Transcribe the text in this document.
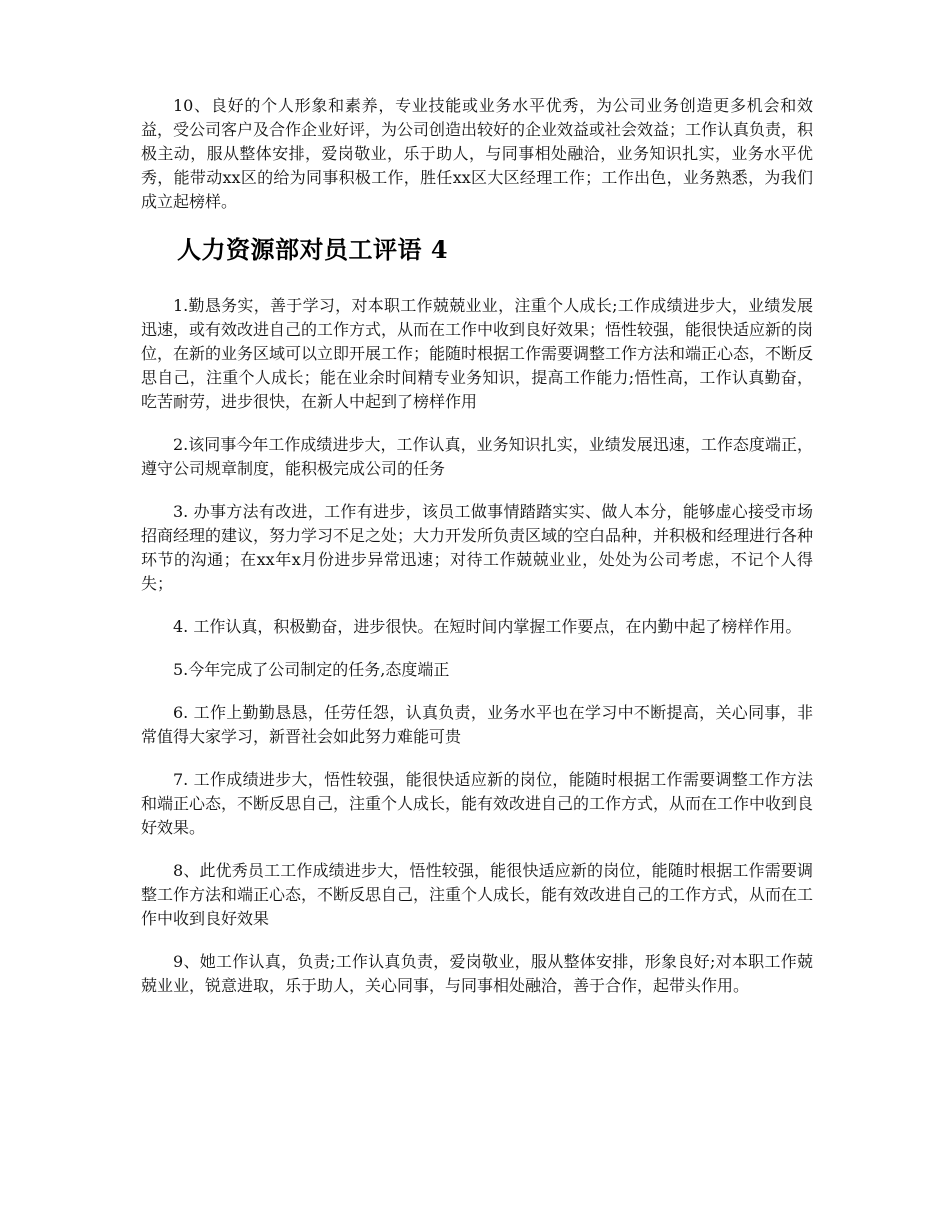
10、良好的个人形象和素养，专业技能或业务水平优秀，为公司业务创造更多机会和效益，受公司客户及合作企业好评，为公司创造出较好的企业效益或社会效益；工作认真负责，积极主动，服从整体安排，爱岗敬业，乐于助人，与同事相处融洽，业务知识扎实，业务水平优秀，能带动xx区的给为同事积极工作，胜任xx区大区经理工作；工作出色，业务熟悉，为我们成立起榜样。

人力资源部对员工评语 4

1.勤恳务实，善于学习，对本职工作兢兢业业，注重个人成长;工作成绩进步大，业绩发展迅速，或有效改进自己的工作方式，从而在工作中收到良好效果；悟性较强，能很快适应新的岗位，在新的业务区域可以立即开展工作；能随时根据工作需要调整工作方法和端正心态，不断反思自己，注重个人成长；能在业余时间精专业务知识，提高工作能力;悟性高，工作认真勤奋，吃苦耐劳，进步很快，在新人中起到了榜样作用

2.该同事今年工作成绩进步大，工作认真，业务知识扎实，业绩发展迅速，工作态度端正，遵守公司规章制度，能积极完成公司的任务

3. 办事方法有改进，工作有进步，该员工做事情踏踏实实、做人本分，能够虚心接受市场招商经理的建议，努力学习不足之处；大力开发所负责区域的空白品种，并积极和经理进行各种环节的沟通；在xx年x月份进步异常迅速；对待工作兢兢业业，处处为公司考虑，不记个人得失；

4. 工作认真，积极勤奋，进步很快。在短时间内掌握工作要点，在内勤中起了榜样作用。

5.今年完成了公司制定的任务,态度端正

6. 工作上勤勤恳恳，任劳任怨，认真负责，业务水平也在学习中不断提高，关心同事，非常值得大家学习，新晋社会如此努力难能可贵

7. 工作成绩进步大，悟性较强，能很快适应新的岗位，能随时根据工作需要调整工作方法和端正心态，不断反思自己，注重个人成长，能有效改进自己的工作方式，从而在工作中收到良好效果。

8、此优秀员工工作成绩进步大，悟性较强，能很快适应新的岗位，能随时根据工作需要调整工作方法和端正心态，不断反思自己，注重个人成长，能有效改进自己的工作方式，从而在工作中收到良好效果

9、她工作认真，负责;工作认真负责，爱岗敬业，服从整体安排，形象良好;对本职工作兢兢业业，锐意进取，乐于助人，关心同事，与同事相处融洽，善于合作，起带头作用。
